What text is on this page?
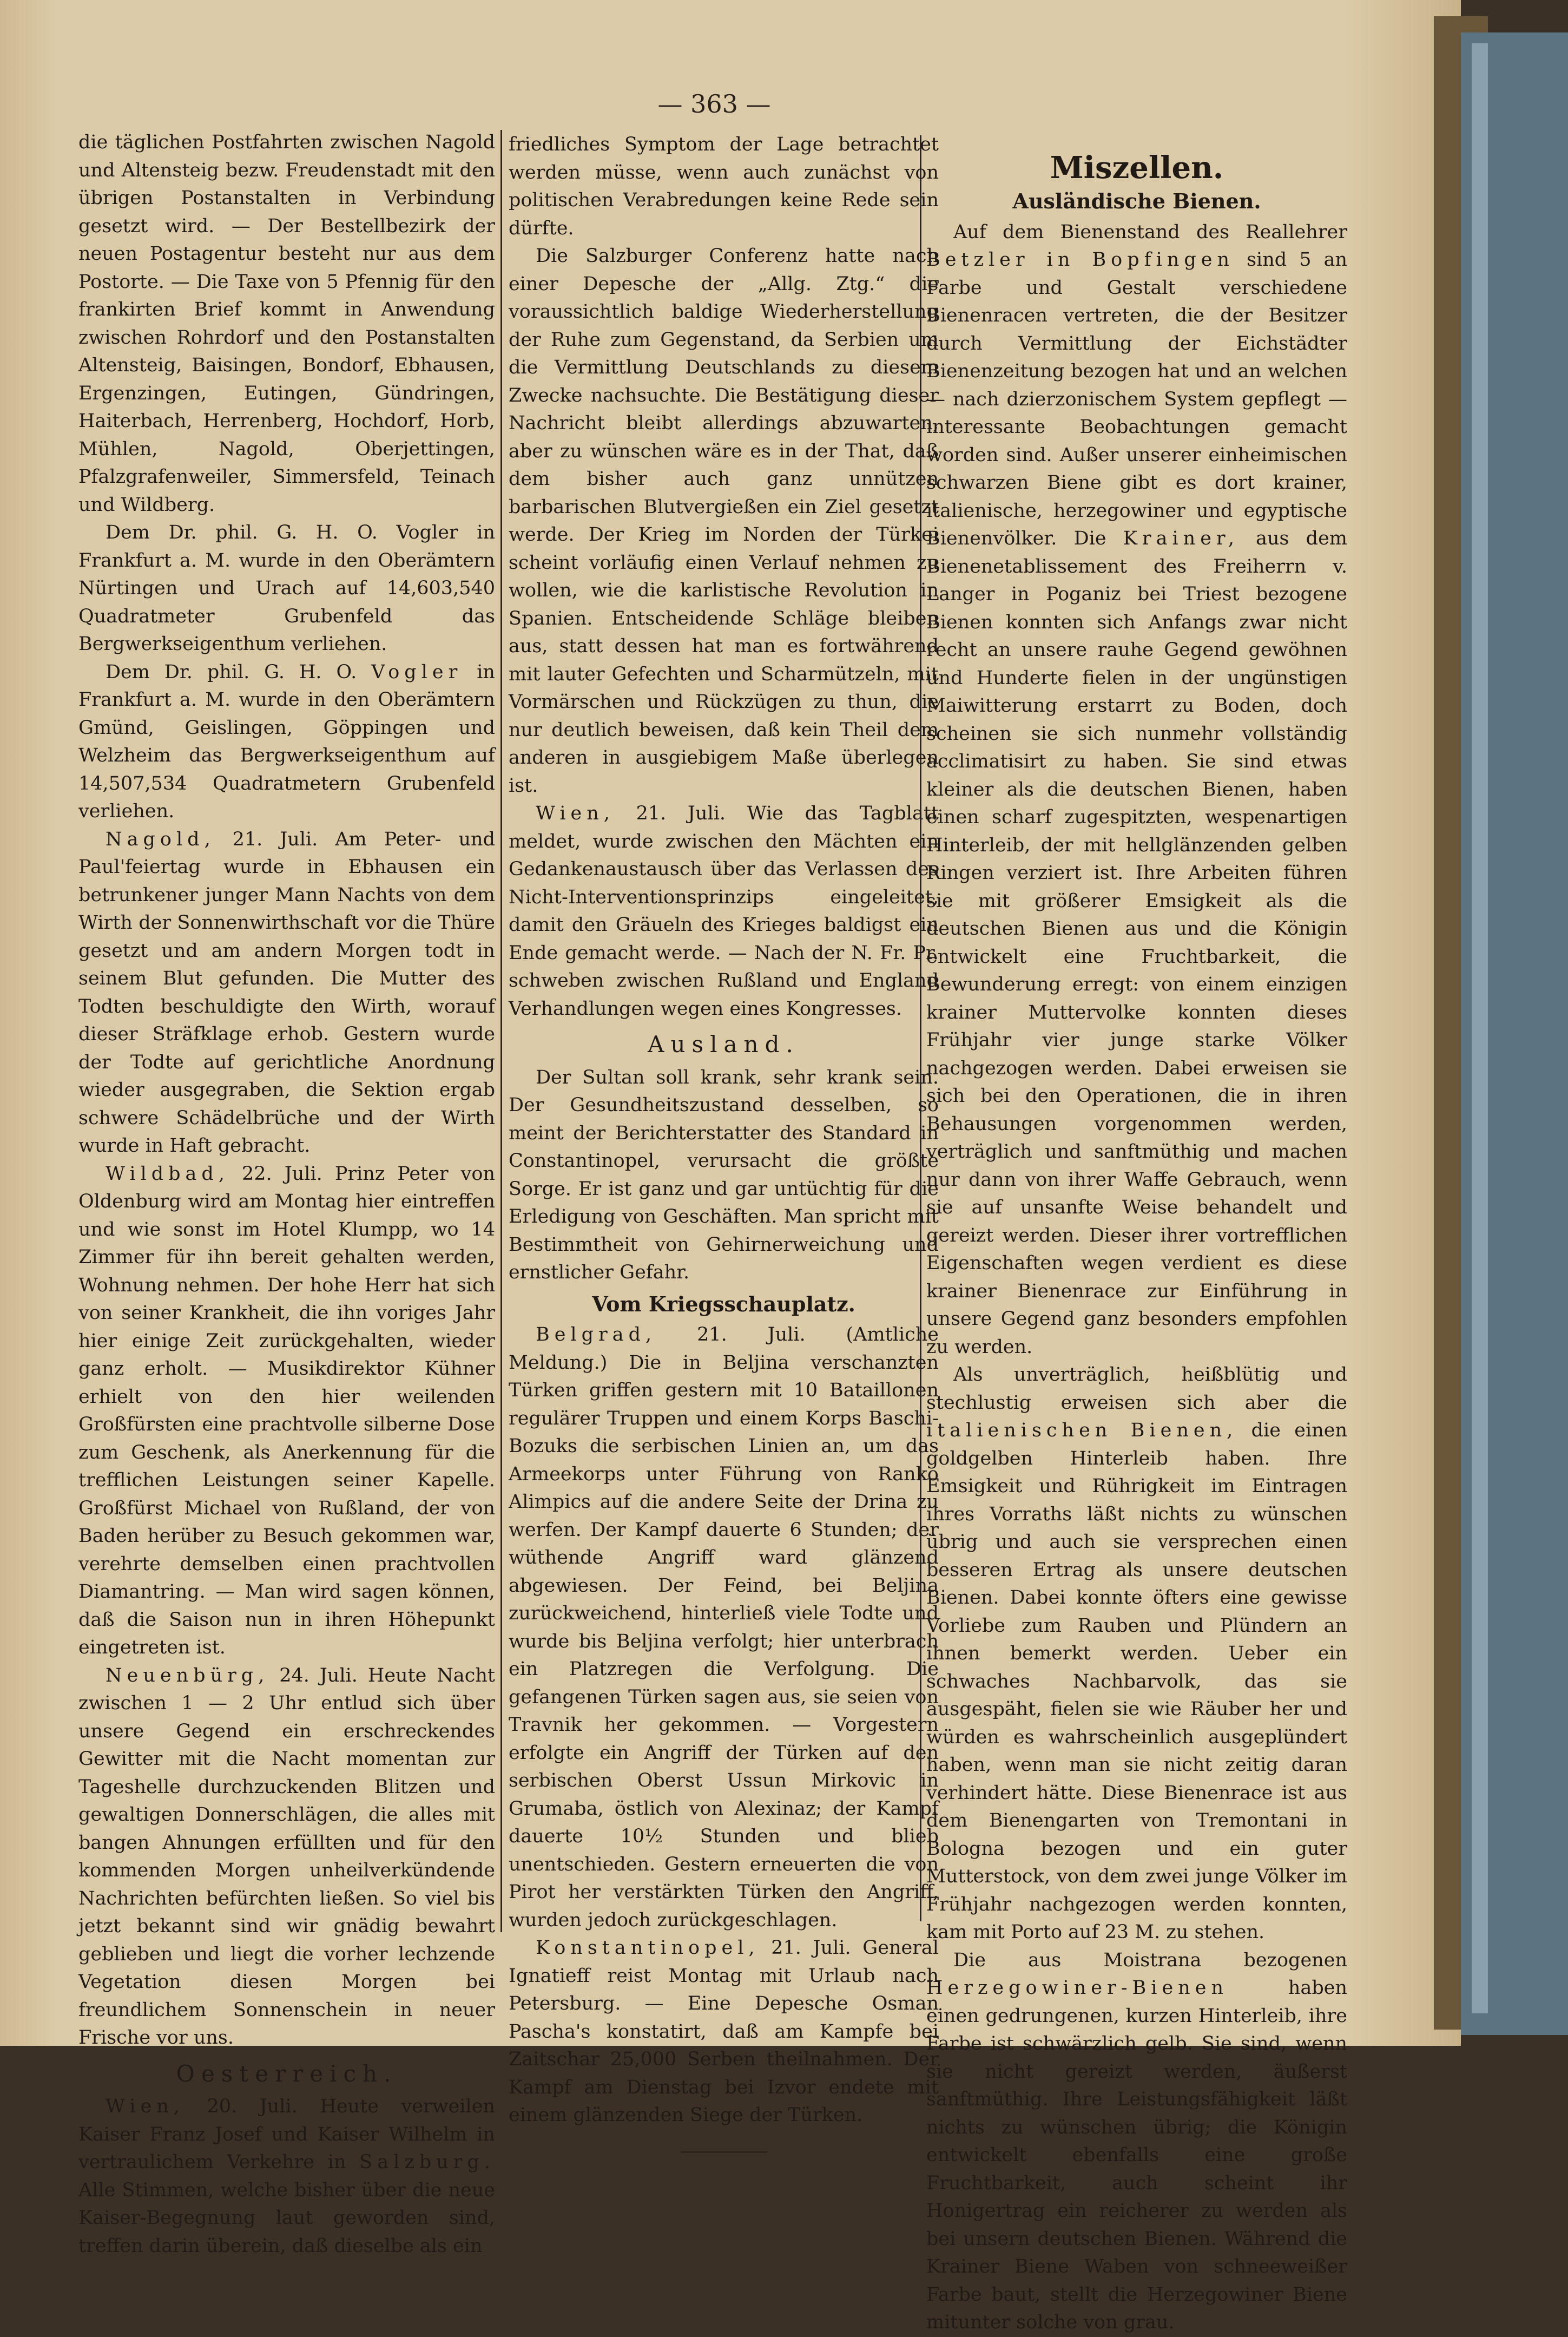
— 363 —

die täglichen Postfahrten zwischen Nagold und Altensteig bezw. Freudenstadt mit den übrigen Postanstalten in Verbindung gesetzt wird. — Der Bestellbezirk der neuen Postagentur besteht nur aus dem Postorte. — Die Taxe von 5 Pfennig für den frankirten Brief kommt in Anwendung zwischen Rohrdorf und den Postanstalten Altensteig, Baisingen, Bondorf, Ebhausen, Ergenzingen, Eutingen, Gündringen, Haiterbach, Herrenberg, Hochdorf, Horb, Mühlen, Nagold, Oberjettingen, Pfalzgrafenweiler, Simmersfeld, Teinach und Wildberg.

Dem Dr. phil. G. H. O. Vogler in Frankfurt a. M. wurde in den Oberämtern Nürtingen und Urach auf 14,603,540 Quadratmeter Grubenfeld das Bergwerkseigenthum verliehen.

Dem Dr. phil. G. H. O. Vogler in Frankfurt a. M. wurde in den Oberämtern Gmünd, Geislingen, Göppingen und Welzheim das Bergwerkseigenthum auf 14,507,534 Quadratmetern Grubenfeld verliehen.

Nagold, 21. Juli. Am Peter- und Paul'feiertag wurde in Ebhausen ein betrunkener junger Mann Nachts von dem Wirth der Sonnenwirthschaft vor die Thüre gesetzt und am andern Morgen todt in seinem Blut gefunden. Die Mutter des Todten beschuldigte den Wirth, worauf dieser Sträfklage erhob. Gestern wurde der Todte auf gerichtliche Anordnung wieder ausgegraben, die Sektion ergab schwere Schädelbrüche und der Wirth wurde in Haft gebracht.

Wildbad, 22. Juli. Prinz Peter von Oldenburg wird am Montag hier eintreffen und wie sonst im Hotel Klumpp, wo 14 Zimmer für ihn bereit gehalten werden, Wohnung nehmen. Der hohe Herr hat sich von seiner Krankheit, die ihn voriges Jahr hier einige Zeit zurückgehalten, wieder ganz erholt. — Musikdirektor Kühner erhielt von den hier weilenden Großfürsten eine prachtvolle silberne Dose zum Geschenk, als Anerkennung für die trefflichen Leistungen seiner Kapelle. Großfürst Michael von Rußland, der von Baden herüber zu Besuch gekommen war, verehrte demselben einen prachtvollen Diamantring. — Man wird sagen können, daß die Saison nun in ihren Höhepunkt eingetreten ist.

Neuenbürg, 24. Juli. Heute Nacht zwischen 1 — 2 Uhr entlud sich über unsere Gegend ein erschreckendes Gewitter mit die Nacht momentan zur Tageshelle durchzuckenden Blitzen und gewaltigen Donnerschlägen, die alles mit bangen Ahnungen erfüllten und für den kommenden Morgen unheilverkündende Nachrichten befürchten ließen. So viel bis jetzt bekannt sind wir gnädig bewahrt geblieben und liegt die vorher lechzende Vegetation diesen Morgen bei freundlichem Sonnenschein in neuer Frische vor uns.

Oesterreich.

Wien, 20. Juli. Heute verweilen Kaiser Franz Josef und Kaiser Wilhelm in vertraulichem Verkehre in Salzburg. Alle Stimmen, welche bisher über die neue Kaiser-Begegnung laut geworden sind, treffen darin überein, daß dieselbe als ein

friedliches Symptom der Lage betrachtet werden müsse, wenn auch zunächst von politischen Verabredungen keine Rede sein dürfte.

Die Salzburger Conferenz hatte nach einer Depesche der „Allg. Ztg.“ die voraussichtlich baldige Wiederherstellung der Ruhe zum Gegenstand, da Serbien um die Vermittlung Deutschlands zu diesem Zwecke nachsuchte. Die Bestätigung dieser Nachricht bleibt allerdings abzuwarten, aber zu wünschen wäre es in der That, daß dem bisher auch ganz unnützen barbarischen Blutvergießen ein Ziel gesetzt werde. Der Krieg im Norden der Türkei scheint vorläufig einen Verlauf nehmen zu wollen, wie die karlistische Revolution in Spanien. Entscheidende Schläge bleiben aus, statt dessen hat man es fortwährend mit lauter Gefechten und Scharmützeln, mit Vormärschen und Rückzügen zu thun, die nur deutlich beweisen, daß kein Theil dem anderen in ausgiebigem Maße überlegen ist.

Wien, 21. Juli. Wie das Tagblatt meldet, wurde zwischen den Mächten ein Gedankenaustausch über das Verlassen des Nicht-Interventionsprinzips eingeleitet, damit den Gräueln des Krieges baldigst ein Ende gemacht werde. — Nach der N. Fr. Pr. schweben zwischen Rußland und England Verhandlungen wegen eines Kongresses.

Ausland.

Der Sultan soll krank, sehr krank sein. Der Gesundheitszustand desselben, so meint der Berichterstatter des Standard in Constantinopel, verursacht die größte Sorge. Er ist ganz und gar untüchtig für die Erledigung von Geschäften. Man spricht mit Bestimmtheit von Gehirnerweichung und ernstlicher Gefahr.

Vom Kriegsschauplatz.

Belgrad, 21. Juli. (Amtliche Meldung.) Die in Beljina verschanzten Türken griffen gestern mit 10 Bataillonen regulärer Truppen und einem Korps Baschi-Bozuks die serbischen Linien an, um das Armeekorps unter Führung von Ranko Alimpics auf die andere Seite der Drina zu werfen. Der Kampf dauerte 6 Stunden; der wüthende Angriff ward glänzend abgewiesen. Der Feind, bei Beljina zurückweichend, hinterließ viele Todte und wurde bis Beljina verfolgt; hier unterbrach ein Platzregen die Verfolgung. Die gefangenen Türken sagen aus, sie seien von Travnik her gekommen. — Vorgestern erfolgte ein Angriff der Türken auf den serbischen Oberst Ussun Mirkovic in Grumaba, östlich von Alexinaz; der Kampf dauerte 10½ Stunden und blieb unentschieden. Gestern erneuerten die von Pirot her verstärkten Türken den Angriff, wurden jedoch zurückgeschlagen.

Konstantinopel, 21. Juli. General Ignatieff reist Montag mit Urlaub nach Petersburg. — Eine Depesche Osman Pascha's konstatirt, daß am Kampfe bei Zaitschar 25,000 Serben theilnahmen. Der Kampf am Dienstag bei Izvor endete mit einem glänzenden Siege der Türken.

Miszellen.
Ausländische Bienen.

Auf dem Bienenstand des Reallehrer Betzler in Bopfingen sind 5 an Farbe und Gestalt verschiedene Bienenracen vertreten, die der Besitzer durch Vermittlung der Eichstädter Bienenzeitung bezogen hat und an welchen — nach dzierzonischem System gepflegt — interessante Beobachtungen gemacht worden sind. Außer unserer einheimischen schwarzen Biene gibt es dort krainer, italienische, herzegowiner und egyptische Bienenvölker. Die Krainer, aus dem Bienenetablissement des Freiherrn v. Langer in Poganiz bei Triest bezogene Bienen konnten sich Anfangs zwar nicht recht an unsere rauhe Gegend gewöhnen und Hunderte fielen in der ungünstigen Maiwitterung erstarrt zu Boden, doch scheinen sie sich nunmehr vollständig acclimatisirt zu haben. Sie sind etwas kleiner als die deutschen Bienen, haben einen scharf zugespitzten, wespenartigen Hinterleib, der mit hellglänzenden gelben Ringen verziert ist. Ihre Arbeiten führen sie mit größerer Emsigkeit als die deutschen Bienen aus und die Königin entwickelt eine Fruchtbarkeit, die Bewunderung erregt: von einem einzigen krainer Muttervolke konnten dieses Frühjahr vier junge starke Völker nachgezogen werden. Dabei erweisen sie sich bei den Operationen, die in ihren Behausungen vorgenommen werden, verträglich und sanftmüthig und machen nur dann von ihrer Waffe Gebrauch, wenn sie auf unsanfte Weise behandelt und gereizt werden. Dieser ihrer vortrefflichen Eigenschaften wegen verdient es diese krainer Bienenrace zur Einführung in unsere Gegend ganz besonders empfohlen zu werden.

Als unverträglich, heißblütig und stechlustig erweisen sich aber die italienischen Bienen, die einen goldgelben Hinterleib haben. Ihre Emsigkeit und Rührigkeit im Eintragen ihres Vorraths läßt nichts zu wünschen übrig und auch sie versprechen einen besseren Ertrag als unsere deutschen Bienen. Dabei konnte öfters eine gewisse Vorliebe zum Rauben und Plündern an ihnen bemerkt werden. Ueber ein schwaches Nachbarvolk, das sie ausgespäht, fielen sie wie Räuber her und würden es wahrscheinlich ausgeplündert haben, wenn man sie nicht zeitig daran verhindert hätte. Diese Bienenrace ist aus dem Bienengarten von Tremontani in Bologna bezogen und ein guter Mutterstock, von dem zwei junge Völker im Frühjahr nachgezogen werden konnten, kam mit Porto auf 23 M. zu stehen.

Die aus Moistrana bezogenen Herzegowiner-Bienen	haben einen gedrungenen, kurzen Hinterleib, ihre Farbe ist schwärzlich gelb. Sie sind, wenn sie nicht gereizt werden, äußerst sanftmüthig. Ihre Leistungsfähigkeit läßt nichts zu wünschen übrig; die Königin entwickelt ebenfalls eine große Fruchtbarkeit, auch scheint ihr Honigertrag ein reicherer zu werden als bei unsern deutschen Bienen. Während die Krainer Biene Waben von schneeweißer Farbe baut, stellt die Herzegowiner Biene mitunter solche von grau.
